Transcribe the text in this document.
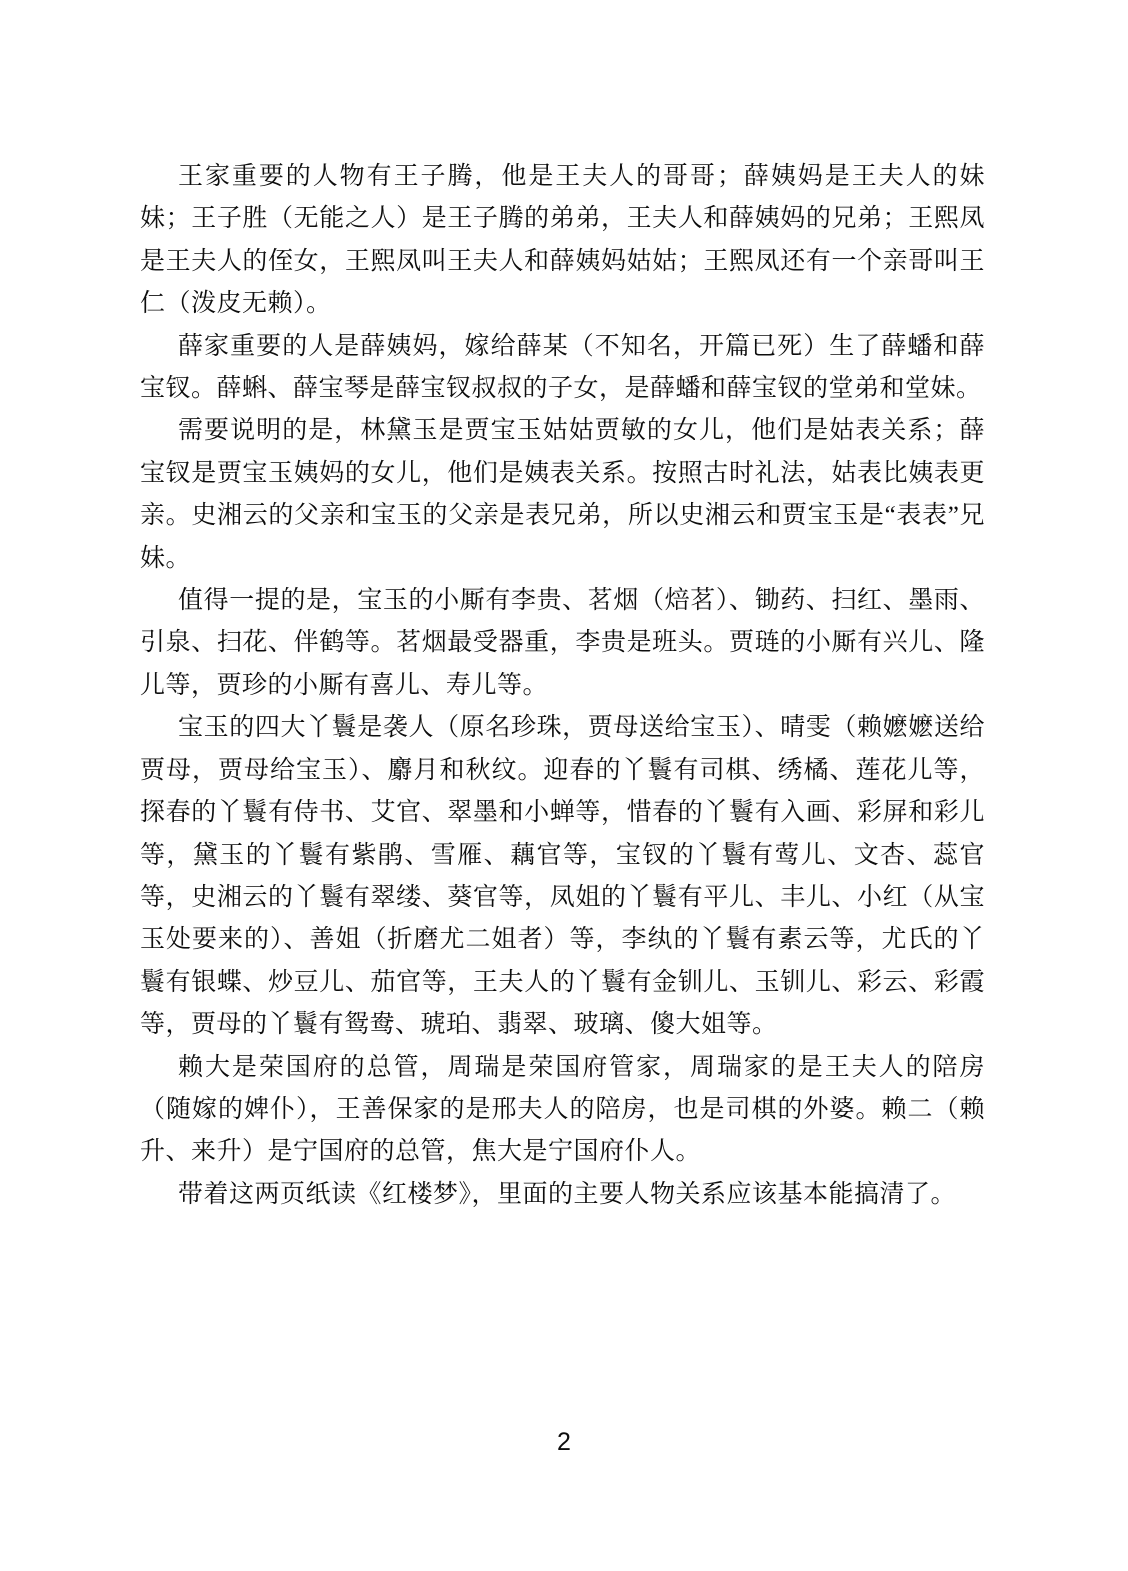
王家重要的人物有王子腾，他是王夫人的哥哥；薛姨妈是王夫人的妹妹；王子胜（无能之人）是王子腾的弟弟，王夫人和薛姨妈的兄弟；王熙凤是王夫人的侄女，王熙凤叫王夫人和薛姨妈姑姑；王熙凤还有一个亲哥叫王仁（泼皮无赖）。

薛家重要的人是薛姨妈，嫁给薛某（不知名，开篇已死）生了薛蟠和薛宝钗。薛蝌、薛宝琴是薛宝钗叔叔的子女，是薛蟠和薛宝钗的堂弟和堂妹。

需要说明的是，林黛玉是贾宝玉姑姑贾敏的女儿，他们是姑表关系；薛宝钗是贾宝玉姨妈的女儿，他们是姨表关系。按照古时礼法，姑表比姨表更亲。史湘云的父亲和宝玉的父亲是表兄弟，所以史湘云和贾宝玉是“表表”兄妹。

值得一提的是，宝玉的小厮有李贵、茗烟（焙茗）、锄药、扫红、墨雨、引泉、扫花、伴鹤等。茗烟最受器重，李贵是班头。贾琏的小厮有兴儿、隆儿等，贾珍的小厮有喜儿、寿儿等。

宝玉的四大丫鬟是袭人（原名珍珠，贾母送给宝玉）、晴雯（赖嬷嬷送给贾母，贾母给宝玉）、麝月和秋纹。迎春的丫鬟有司棋、绣橘、莲花儿等，探春的丫鬟有侍书、艾官、翠墨和小蝉等，惜春的丫鬟有入画、彩屏和彩儿等，黛玉的丫鬟有紫鹃、雪雁、藕官等，宝钗的丫鬟有莺儿、文杏、蕊官等，史湘云的丫鬟有翠缕、葵官等，凤姐的丫鬟有平儿、丰儿、小红（从宝玉处要来的）、善姐（折磨尤二姐者）等，李纨的丫鬟有素云等，尤氏的丫鬟有银蝶、炒豆儿、茄官等，王夫人的丫鬟有金钏儿、玉钏儿、彩云、彩霞等，贾母的丫鬟有鸳鸯、琥珀、翡翠、玻璃、傻大姐等。

赖大是荣国府的总管，周瑞是荣国府管家，周瑞家的是王夫人的陪房（随嫁的婢仆），王善保家的是邢夫人的陪房，也是司棋的外婆。赖二（赖升、来升）是宁国府的总管，焦大是宁国府仆人。

带着这两页纸读《红楼梦》，里面的主要人物关系应该基本能搞清了。

2
